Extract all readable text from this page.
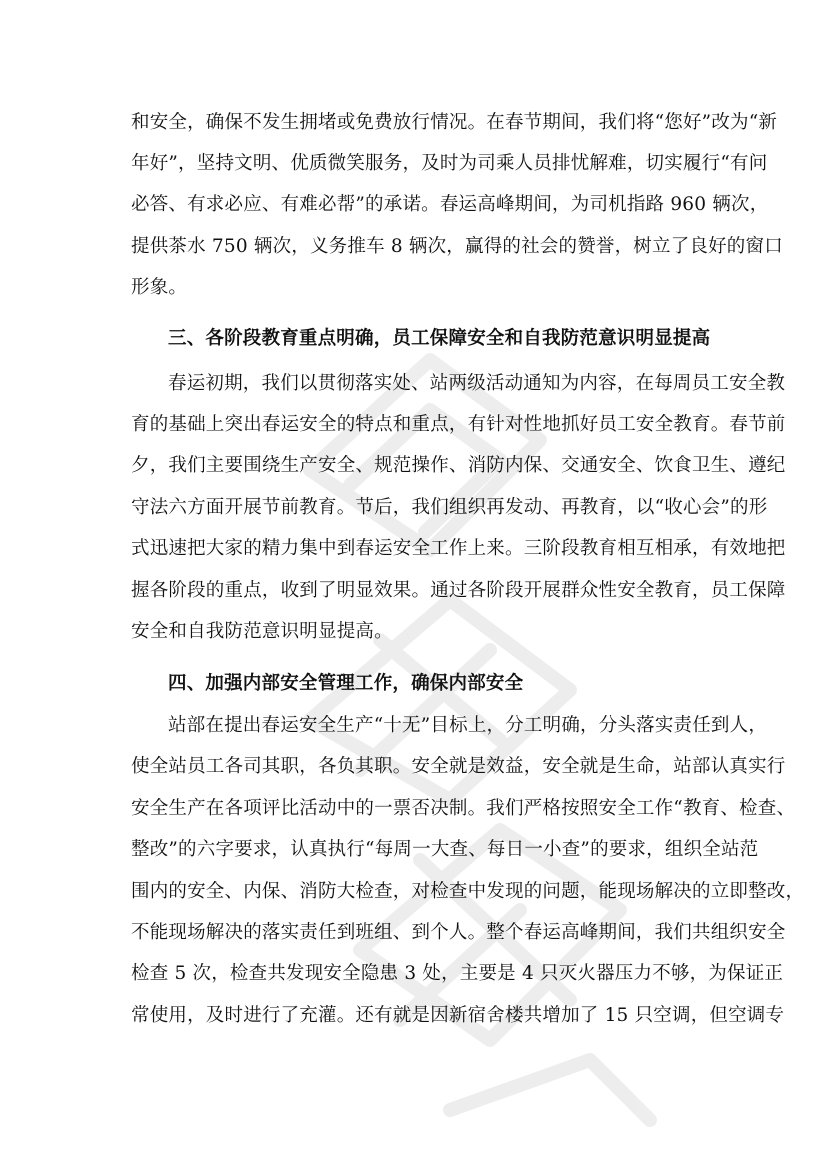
和安全，确保不发生拥堵或免费放行情况。在春节期间，我们将“您好”改为“新
年好”，坚持文明、优质微笑服务，及时为司乘人员排忧解难，切实履行“有问
必答、有求必应、有难必帮”的承诺。春运高峰期间，为司机指路 960 辆次，
提供茶水 750 辆次，义务推车 8 辆次，赢得的社会的赞誉，树立了良好的窗口
形象。
三、各阶段教育重点明确，员工保障安全和自我防范意识明显提高
春运初期，我们以贯彻落实处、站两级活动通知为内容，在每周员工安全教
育的基础上突出春运安全的特点和重点，有针对性地抓好员工安全教育。春节前
夕，我们主要围绕生产安全、规范操作、消防内保、交通安全、饮食卫生、遵纪
守法六方面开展节前教育。节后，我们组织再发动、再教育，以“收心会”的形
式迅速把大家的精力集中到春运安全工作上来。三阶段教育相互相承，有效地把
握各阶段的重点，收到了明显效果。通过各阶段开展群众性安全教育，员工保障
安全和自我防范意识明显提高。
四、加强内部安全管理工作，确保内部安全
站部在提出春运安全生产“十无”目标上，分工明确，分头落实责任到人，
使全站员工各司其职，各负其职。安全就是效益，安全就是生命，站部认真实行
安全生产在各项评比活动中的一票否决制。我们严格按照安全工作“教育、检查、
整改”的六字要求，认真执行“每周一大查、每日一小查”的要求，组织全站范
围内的安全、内保、消防大检查，对检查中发现的问题，能现场解决的立即整改，
不能现场解决的落实责任到班组、到个人。整个春运高峰期间，我们共组织安全
检查 5 次，检查共发现安全隐患 3 处，主要是 4 只灭火器压力不够，为保证正
常使用，及时进行了充灌。还有就是因新宿舍楼共增加了 15 只空调，但空调专
